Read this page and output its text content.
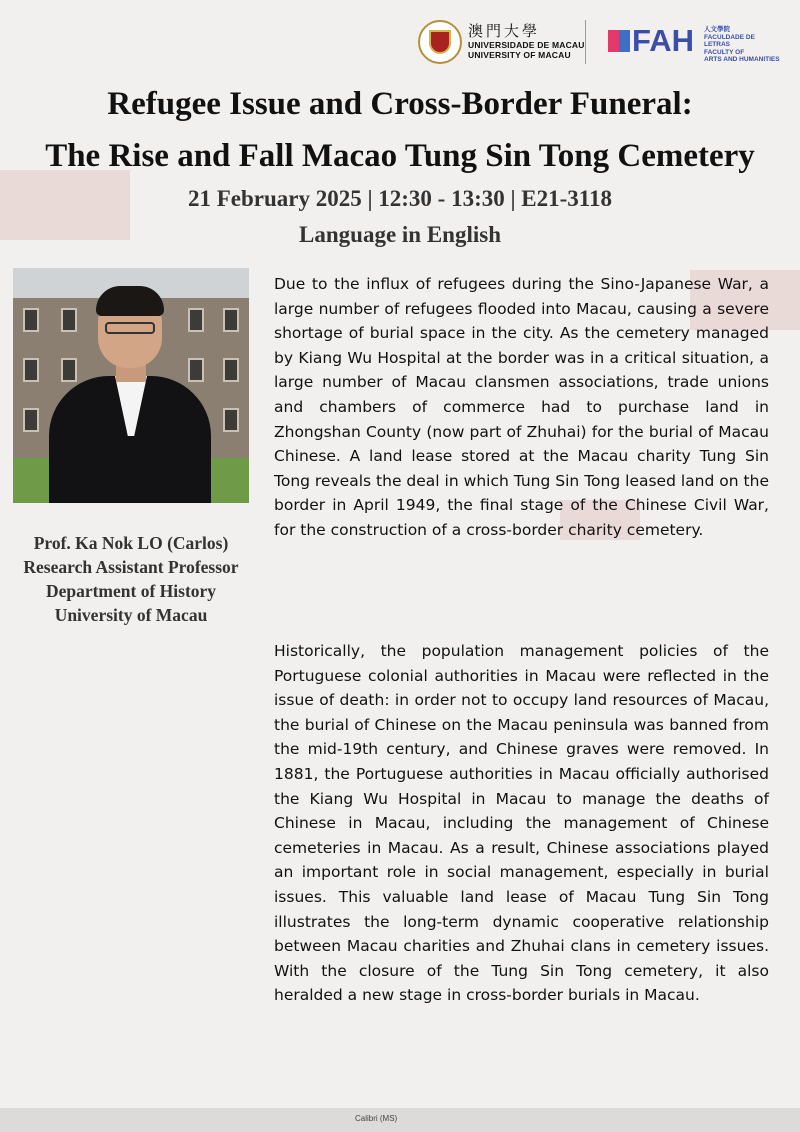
Calibri (MS)
澳門大學
UNIVERSIDADE DE MACAU
UNIVERSITY OF MACAU	FAH 人文學院
FACULDADE DE LETRAS
FACULTY OF
ARTS AND HUMANITIES
Refugee Issue and Cross-Border Funeral:
The Rise and Fall Macao Tung Sin Tong Cemetery
21 February 2025 | 12:30 - 13:30 | E21-3118
Language in English
Prof. Ka Nok LO (Carlos)
Research Assistant Professor
Department of History
University of Macau

Due to the influx of refugees during the Sino-Japanese War, a large number of refugees flooded into Macau, causing a severe shortage of burial space in the city. As the cemetery managed by Kiang Wu Hospital at the border was in a critical situation, a large number of Macau clansmen associations, trade unions and chambers of commerce had to purchase land in Zhongshan County (now part of Zhuhai) for the burial of Macau Chinese. A land lease stored at the Macau charity Tung Sin Tong reveals the deal in which Tung Sin Tong leased land on the border in April 1949, the final stage of the Chinese Civil War, for the construction of a cross-border charity cemetery.

Historically, the population management policies of the Portuguese colonial authorities in Macau were reflected in the issue of death: in order not to occupy land resources of Macau, the burial of Chinese on the Macau peninsula was banned from the mid-19th century, and Chinese graves were removed. In 1881, the Portuguese authorities in Macau officially authorised the Kiang Wu Hospital in Macau to manage the deaths of Chinese in Macau, including the management of Chinese cemeteries in Macau. As a result, Chinese associations played an important role in social management, especially in burial issues. This valuable land lease of Macau Tung Sin Tong illustrates the long-term dynamic cooperative relationship between Macau charities and Zhuhai clans in cemetery issues. With the closure of the Tung Sin Tong cemetery, it also heralded a new stage in cross-border burials in Macau.
